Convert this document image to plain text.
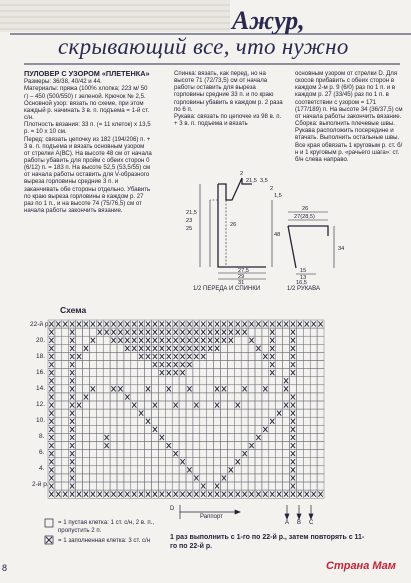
Ажур,
скрывающий все, что нужно

ПУЛОВЕР С УЗОРОМ «ПЛЕТЕНКА»

Размеры: 36/38, 40/42 и 44.

Материалы: пряжа (100% хлопка; 223 м/ 50 г) – 450 (500/550) г зеленой. Крючок № 2,5.

Основной узор: вязать по схеме, при этом каждый р. начинать 3 в. п. подъема = 1-й ст. с/н.

Плотность вязания: 33 п. (= 11 клеток) х 13,5 р. = 10 х 10 см.

Перед: связать цепочку из 182 (194/206) п. + 3 в. п. подъема и вязать основным узором от стрелки А(ВС). На высоте 48 см от начала работы убавить для пройм с обеих сторон 0 (6/12) п. = 183 п. На высоте 52,5 (53,5/55) см от начала работы оставить для V-образного выреза горловины средние 3 п. и заканчивать обе стороны отдельно. Убавить по краю выреза горловины в каждом р. 27 раз по 1 п., и на высоте 74 (75/76,5) см от начала работы закончить вязание.

Спинка: вязать, как перед, но на высоте 71 (72/73,5) см от начала работы оставить для выреза горловины средние 33 п. и по краю горловины убавить в каждом р. 2 раза по 6 п.

Рукава: связать по цепочке из 98 в. п. + 3 в. п. подъема и вязать

основным узором от стрелки D. Для скосов прибавить с обеих сторон в каждом 2-м р. 9 (6/0) раз по 1 п. и в каждом р. 27 (33/45) раз по 1 п. в соответствии с узором = 171 (177/189) п. На высоте 34 (36/37,5) см от начала работы закончить вязание.

Сборка: выполнить плечевые швы. Рукава расположить посередине и втачать. Выполнить остальные швы. Все края обвязать 1 круговым р. ст. б/н и 1 круговым р. «рачьего шага»: ст. б/н слева направо.

2
21,5 3,5
2
1,5
21,5
23
25
26
48
27,5
29
31
1/2 ПЕРЕДА И СПИНКИ
26
27(28,5)
34
15
13
16,5
1/2 РУКАВА
Схема
22-й р.
20.
18.
16.
14.
12.
10.
8.
6.
4.
2-й р.
D
Раппорт
A B C
= 1 пустая клетка: 1 ст. с/н, 2 в. п., пропустить 2 п.
= 1 заполненная клетка: 3 ст. с/н	1 раз выполнить с 1-го по 22-й р., затем повторять с 11-го по 22-й р.
8	Страна Мам
